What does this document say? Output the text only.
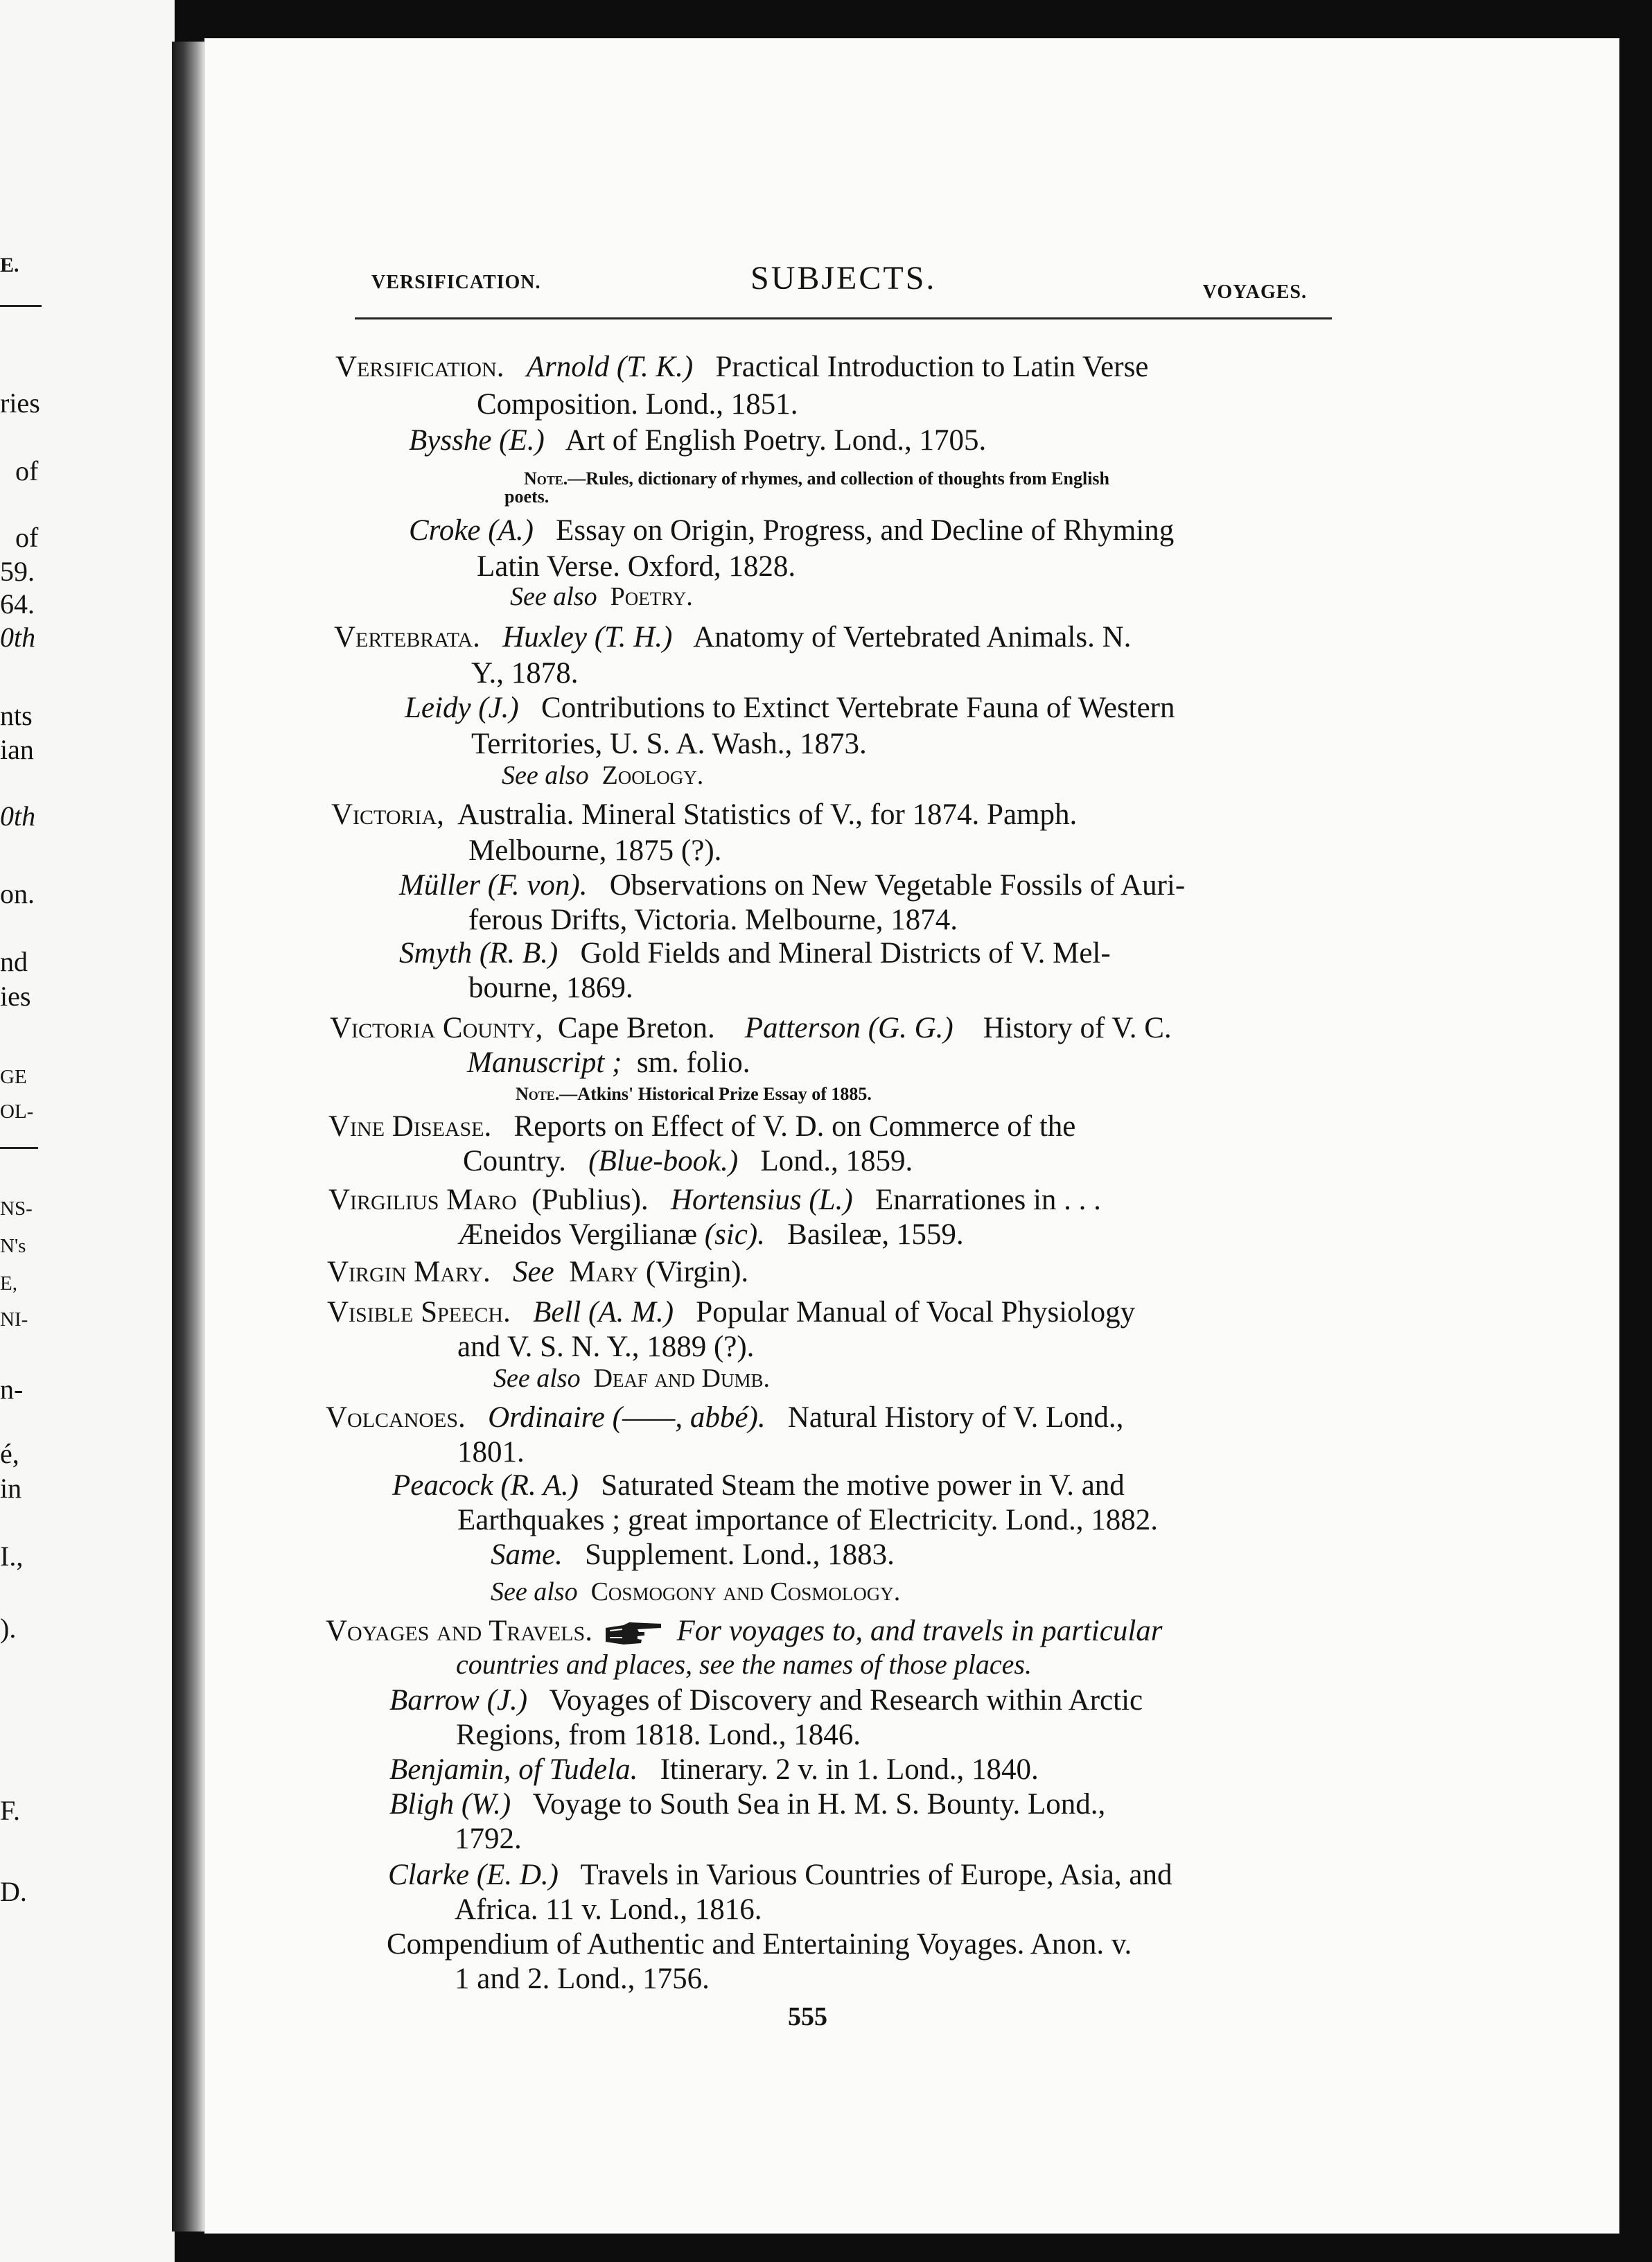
E.
ries
of
of
59.
64.
0th
nts
ian
0th
on.
nd
ies
GE
OL-
NS-
N's
E,
NI-
n-
é,
in
I.,
).
F.
D.
VERSIFICATION.	SUBJECTS.	VOYAGES.
Versification. Arnold (T. K.) Practical Introduction to Latin Verse
Composition. Lond., 1851.
Bysshe (E.) Art of English Poetry. Lond., 1705.
Note.—Rules, dictionary of rhymes, and collection of thoughts from English
poets.
Croke (A.) Essay on Origin, Progress, and Decline of Rhyming
Latin Verse. Oxford, 1828.
See also Poetry.
Vertebrata. Huxley (T. H.) Anatomy of Vertebrated Animals. N.
Y., 1878.
Leidy (J.) Contributions to Extinct Vertebrate Fauna of Western
Territories, U. S. A. Wash., 1873.
See also Zoology.
Victoria, Australia. Mineral Statistics of V., for 1874. Pamph.
Melbourne, 1875 (?).
Müller (F. von). Observations on New Vegetable Fossils of Auri-
ferous Drifts, Victoria. Melbourne, 1874.
Smyth (R. B.) Gold Fields and Mineral Districts of V. Mel-
bourne, 1869.
Victoria County, Cape Breton. Patterson (G. G.) History of V. C.
Manuscript ; sm. folio.
Note.—Atkins' Historical Prize Essay of 1885.
Vine Disease. Reports on Effect of V. D. on Commerce of the
Country. (Blue-book.) Lond., 1859.
Virgilius Maro (Publius). Hortensius (L.) Enarrationes in . . .
Æneidos Vergilianæ (sic). Basileæ, 1559.
Virgin Mary. See Mary (Virgin).
Visible Speech. Bell (A. M.) Popular Manual of Vocal Physiology
and V. S. N. Y., 1889 (?).
See also Deaf and Dumb.
Volcanoes. Ordinaire (——, abbé). Natural History of V. Lond.,
1801.
Peacock (R. A.) Saturated Steam the motive power in V. and
Earthquakes ; great importance of Electricity. Lond., 1882.
Same. Supplement. Lond., 1883.
See also Cosmogony and Cosmology.
Voyages and Travels.	For voyages to, and travels in particular
countries and places, see the names of those places.
Barrow (J.) Voyages of Discovery and Research within Arctic
Regions, from 1818. Lond., 1846.
Benjamin, of Tudela. Itinerary. 2 v. in 1. Lond., 1840.
Bligh (W.) Voyage to South Sea in H. M. S. Bounty. Lond.,
1792.
Clarke (E. D.) Travels in Various Countries of Europe, Asia, and
Africa. 11 v. Lond., 1816.
Compendium of Authentic and Entertaining Voyages. Anon. v.
1 and 2. Lond., 1756.
555
